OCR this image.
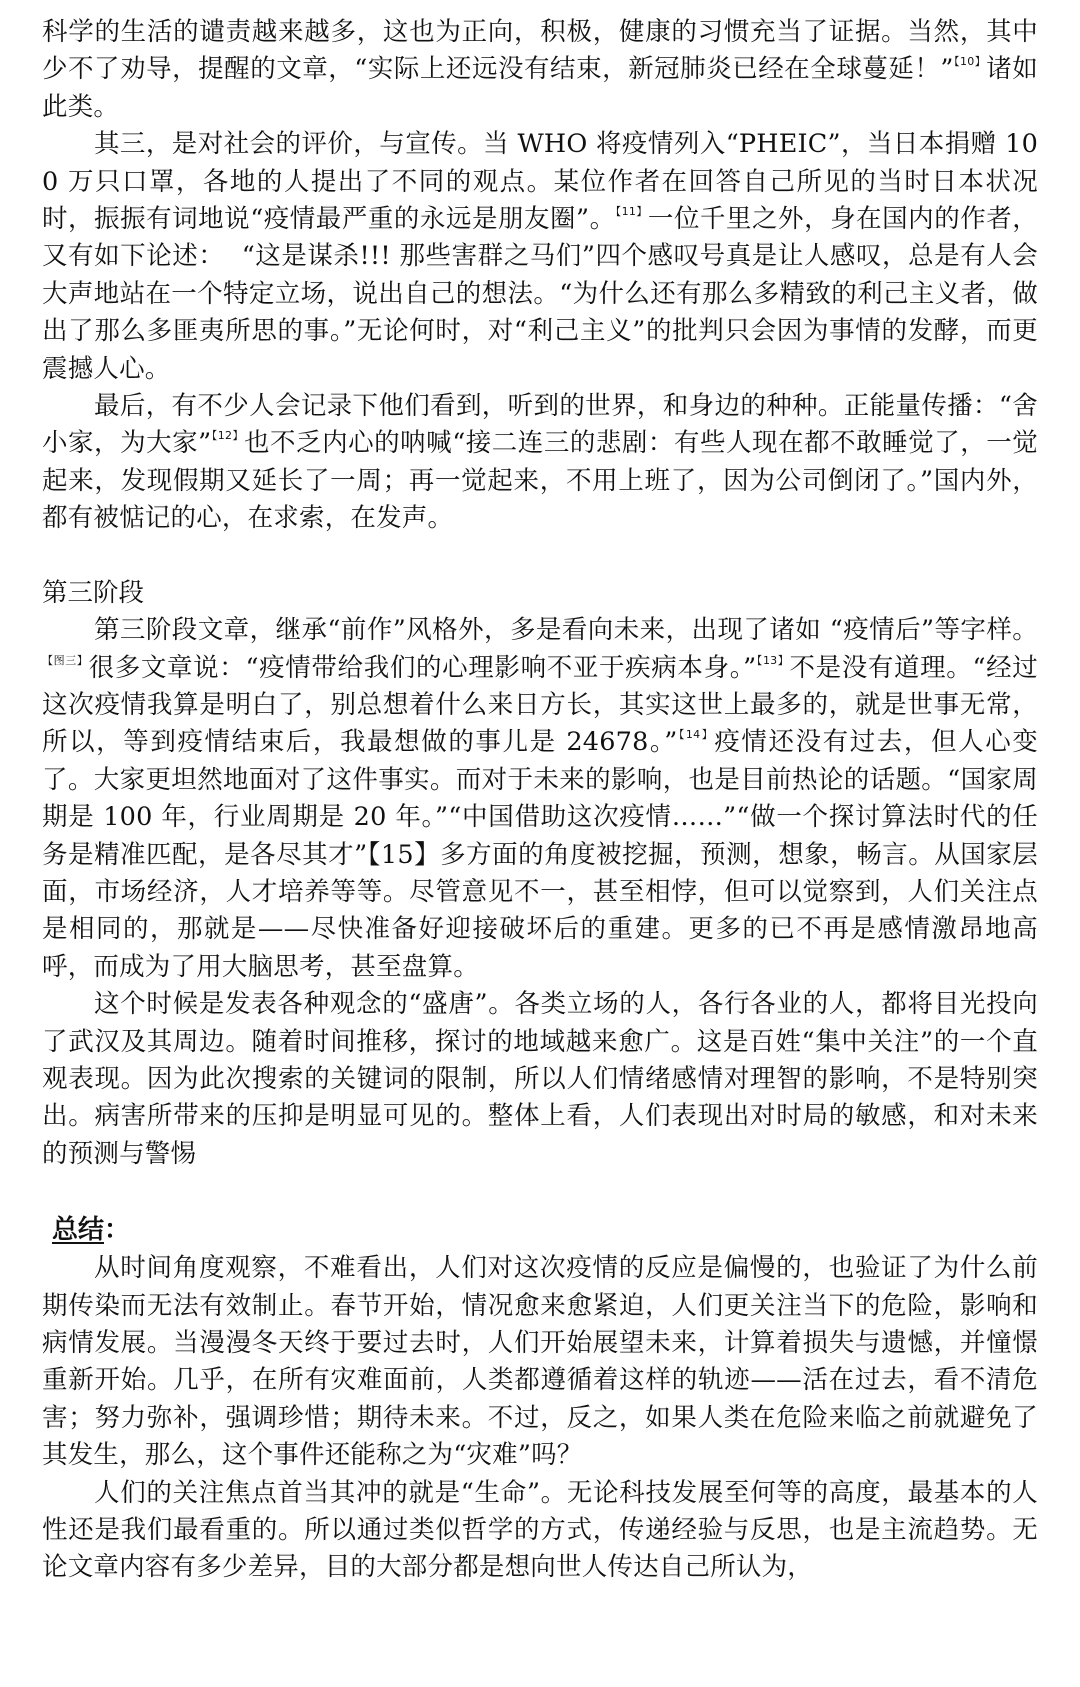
科学的生活的谴责越来越多，这也为正向，积极，健康的习惯充当了证据。当然，其中少不了劝导，提醒的文章，“实际上还远没有结束，新冠肺炎已经在全球蔓延！”$^{【10】}$诸如此类。

其三，是对社会的评价，与宣传。当 WHO 将疫情列入“PHEIC”，当日本捐赠 100 万只口罩，各地的人提出了不同的观点。某位作者在回答自己所见的当时日本状况时，振振有词地说“疫情最严重的永远是朋友圈”。$^{【11】}$一位千里之外，身在国内的作者，又有如下论述：  “这是谋杀!!! 那些害群之马们”四个感叹号真是让人感叹，总是有人会大声地站在一个特定立场，说出自己的想法。“为什么还有那么多精致的利己主义者，做出了那么多匪夷所思的事。”无论何时，对“利己主义”的批判只会因为事情的发酵，而更震撼人心。

最后，有不少人会记录下他们看到，听到的世界，和身边的种种。正能量传播：“舍小家，为大家”$^{【12】}$也不乏内心的呐喊“接二连三的悲剧：有些人现在都不敢睡觉了，一觉起来，发现假期又延长了一周；再一觉起来，不用上班了，因为公司倒闭了。”国内外，都有被惦记的心，在求索，在发声。

第三阶段

第三阶段文章，继承“前作”风格外，多是看向未来，出现了诸如 “疫情后”等字样。$^{【图三】}$很多文章说：“疫情带给我们的心理影响不亚于疾病本身。”$^{【13】}$不是没有道理。“经过这次疫情我算是明白了，别总想着什么来日方长，其实这世上最多的，就是世事无常，所以，等到疫情结束后，我最想做的事儿是 24678。”$^{【14】}$疫情还没有过去，但人心变了。大家更坦然地面对了这件事实。而对于未来的影响，也是目前热论的话题。“国家周期是 100 年，行业周期是 20 年。”“中国借助这次疫情……”“做一个探讨算法时代的任务是精准匹配，是各尽其才”【15】多方面的角度被挖掘，预测，想象，畅言。从国家层面，市场经济，人才培养等等。尽管意见不一，甚至相悖，但可以觉察到，人们关注点是相同的，那就是——尽快准备好迎接破坏后的重建。更多的已不再是感情激昂地高呼，而成为了用大脑思考，甚至盘算。

这个时候是发表各种观念的“盛唐”。各类立场的人，各行各业的人，都将目光投向了武汉及其周边。随着时间推移，探讨的地域越来愈广。这是百姓“集中关注”的一个直观表现。因为此次搜索的关键词的限制，所以人们情绪感情对理智的影响，不是特别突出。病害所带来的压抑是明显可见的。整体上看，人们表现出对时局的敏感，和对未来的预测与警惕

总结：

从时间角度观察，不难看出，人们对这次疫情的反应是偏慢的，也验证了为什么前期传染而无法有效制止。春节开始，情况愈来愈紧迫，人们更关注当下的危险，影响和病情发展。当漫漫冬天终于要过去时，人们开始展望未来，计算着损失与遗憾，并憧憬重新开始。几乎，在所有灾难面前，人类都遵循着这样的轨迹——活在过去，看不清危害；努力弥补，强调珍惜；期待未来。不过，反之，如果人类在危险来临之前就避免了其发生，那么，这个事件还能称之为“灾难”吗？

人们的关注焦点首当其冲的就是“生命”。无论科技发展至何等的高度，最基本的人性还是我们最看重的。所以通过类似哲学的方式，传递经验与反思，也是主流趋势。无论文章内容有多少差异，目的大部分都是想向世人传达自己所认为，
